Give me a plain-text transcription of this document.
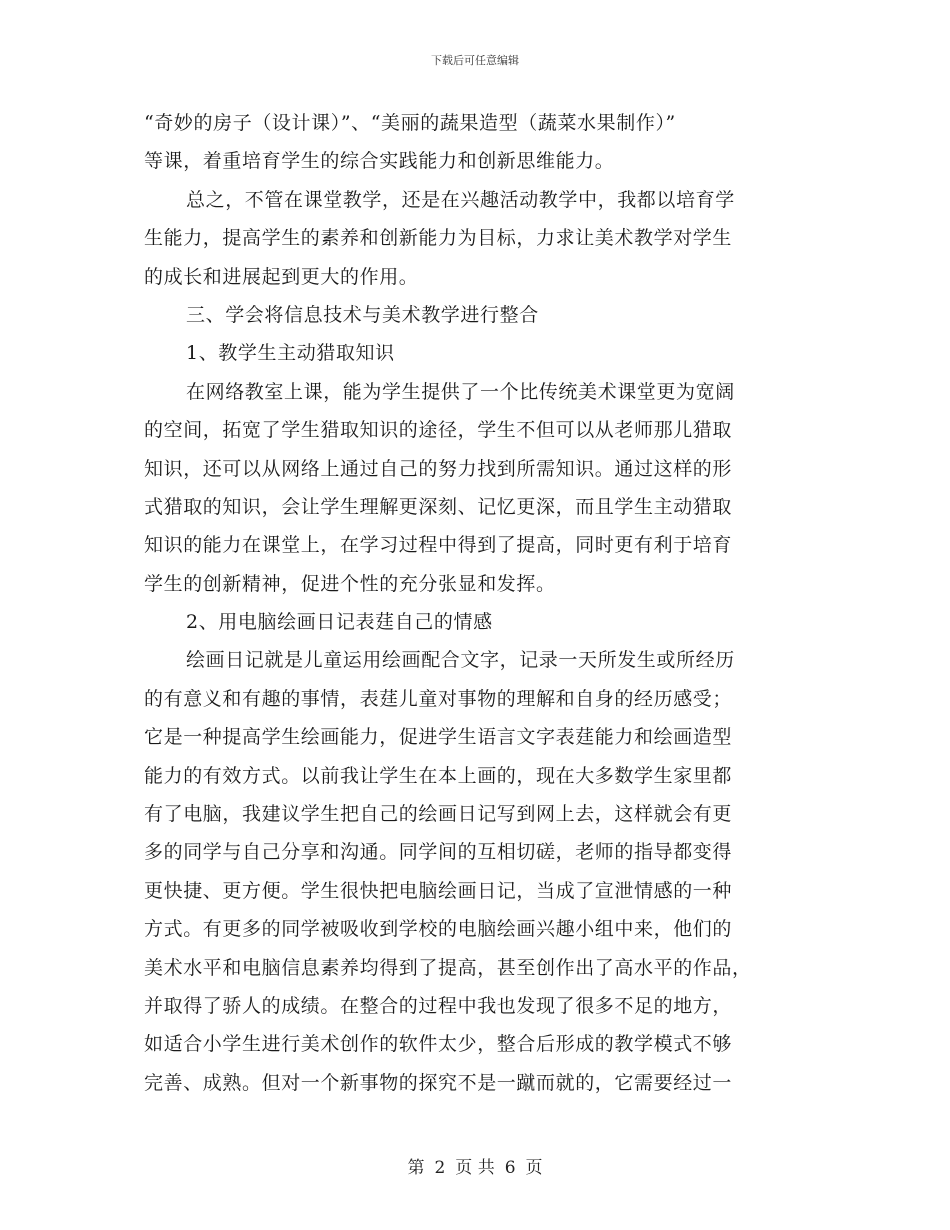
下载后可任意编辑
“奇妙的房子（设计课）”、“美丽的蔬果造型（蔬菜水果制作）”
等课，着重培育学生的综合实践能力和创新思维能力。
总之，不管在课堂教学，还是在兴趣活动教学中，我都以培育学
生能力，提高学生的素养和创新能力为目标，力求让美术教学对学生
的成长和进展起到更大的作用。
三、学会将信息技术与美术教学进行整合
1、教学生主动猎取知识
在网络教室上课，能为学生提供了一个比传统美术课堂更为宽阔
的空间，拓宽了学生猎取知识的途径，学生不但可以从老师那儿猎取
知识，还可以从网络上通过自己的努力找到所需知识。通过这样的形
式猎取的知识，会让学生理解更深刻、记忆更深，而且学生主动猎取
知识的能力在课堂上，在学习过程中得到了提高，同时更有利于培育
学生的创新精神，促进个性的充分张显和发挥。
2、用电脑绘画日记表莛自己的情感
绘画日记就是儿童运用绘画配合文字，记录一天所发生或所经历
的有意义和有趣的事情，表莛儿童对事物的理解和自身的经历感受；
它是一种提高学生绘画能力，促进学生语言文字表莛能力和绘画造型
能力的有效方式。以前我让学生在本上画的，现在大多数学生家里都
有了电脑，我建议学生把自己的绘画日记写到网上去，这样就会有更
多的同学与自己分享和沟通。同学间的互相切磋，老师的指导都变得
更快捷、更方便。学生很快把电脑绘画日记，当成了宣泄情感的一种
方式。有更多的同学被吸收到学校的电脑绘画兴趣小组中来，他们的
美术水平和电脑信息素养均得到了提高，甚至创作出了高水平的作品，
并取得了骄人的成绩。在整合的过程中我也发现了很多不足的地方，
如适合小学生进行美术创作的软件太少，整合后形成的教学模式不够
完善、成熟。但对一个新事物的探究不是一蹴而就的，它需要经过一
第 2 页 共 6 页
